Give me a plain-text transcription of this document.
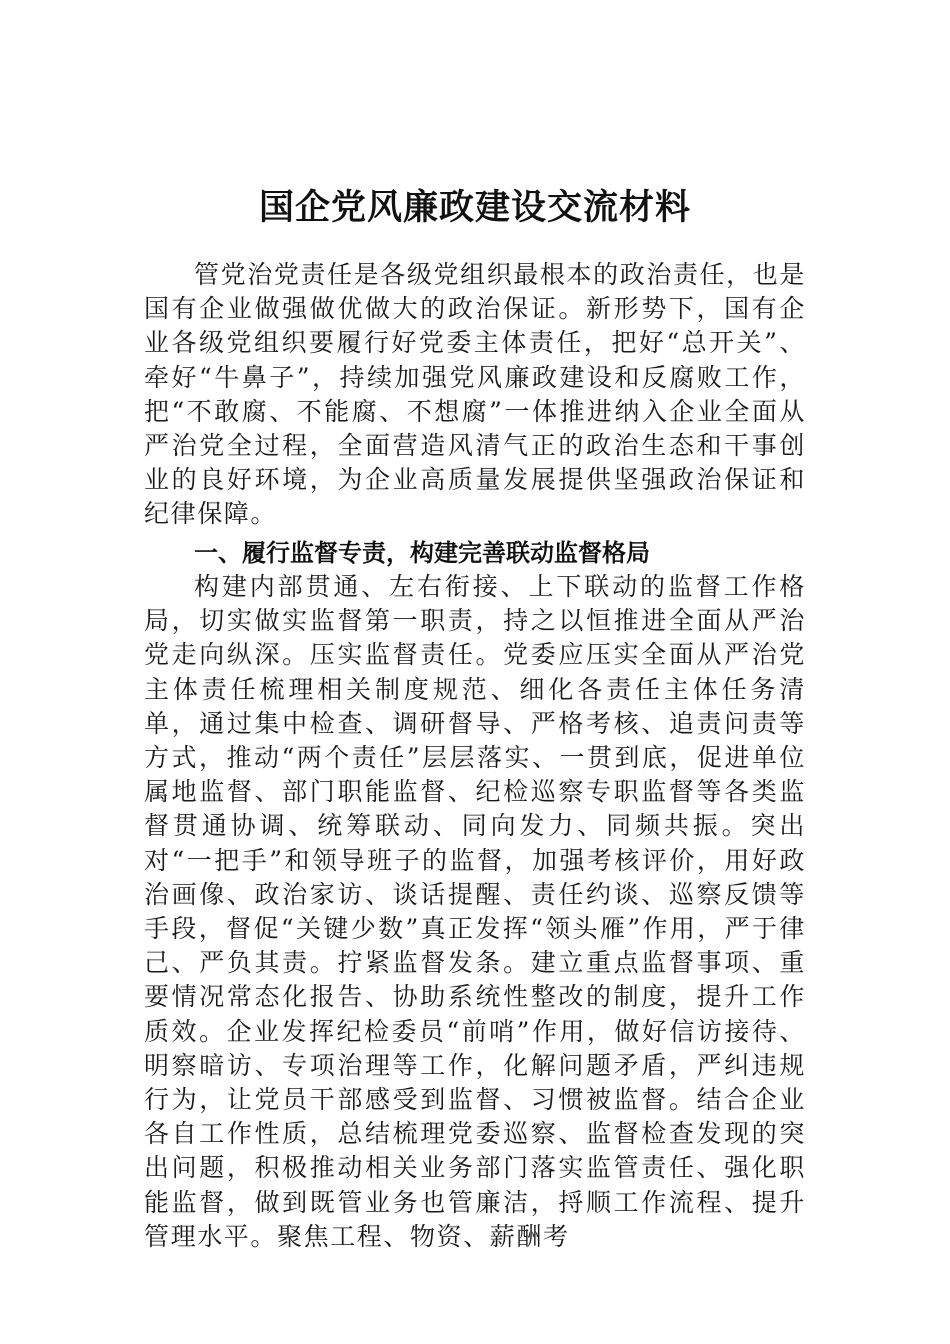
国企党风廉政建设交流材料

管党治党责任是各级党组织最根本的政治责任，也是国有企业做强做优做大的政治保证。新形势下，国有企业各级党组织要履行好党委主体责任，把好“总开关”、牵好“牛鼻子”，持续加强党风廉政建设和反腐败工作，把“不敢腐、不能腐、不想腐”一体推进纳入企业全面从严治党全过程，全面营造风清气正的政治生态和干事创业的良好环境，为企业高质量发展提供坚强政治保证和纪律保障。

一、履行监督专责，构建完善联动监督格局

构建内部贯通、左右衔接、上下联动的监督工作格局，切实做实监督第一职责，持之以恒推进全面从严治党走向纵深。压实监督责任。党委应压实全面从严治党主体责任梳理相关制度规范、细化各责任主体任务清单，通过集中检查、调研督导、严格考核、追责问责等方式，推动“两个责任”层层落实、一贯到底，促进单位属地监督、部门职能监督、纪检巡察专职监督等各类监督贯通协调、统筹联动、同向发力、同频共振。突出对“一把手”和领导班子的监督，加强考核评价，用好政治画像、政治家访、谈话提醒、责任约谈、巡察反馈等手段，督促“关键少数”真正发挥“领头雁”作用，严于律己、严负其责。拧紧监督发条。建立重点监督事项、重要情况常态化报告、协助系统性整改的制度，提升工作质效。企业发挥纪检委员“前哨”作用，做好信访接待、明察暗访、专项治理等工作，化解问题矛盾，严纠违规行为，让党员干部感受到监督、习惯被监督。结合企业各自工作性质，总结梳理党委巡察、监督检查发现的突出问题，积极推动相关业务部门落实监管责任、强化职能监督，做到既管业务也管廉洁，捋顺工作流程、提升管理水平。聚焦工程、物资、薪酬考
